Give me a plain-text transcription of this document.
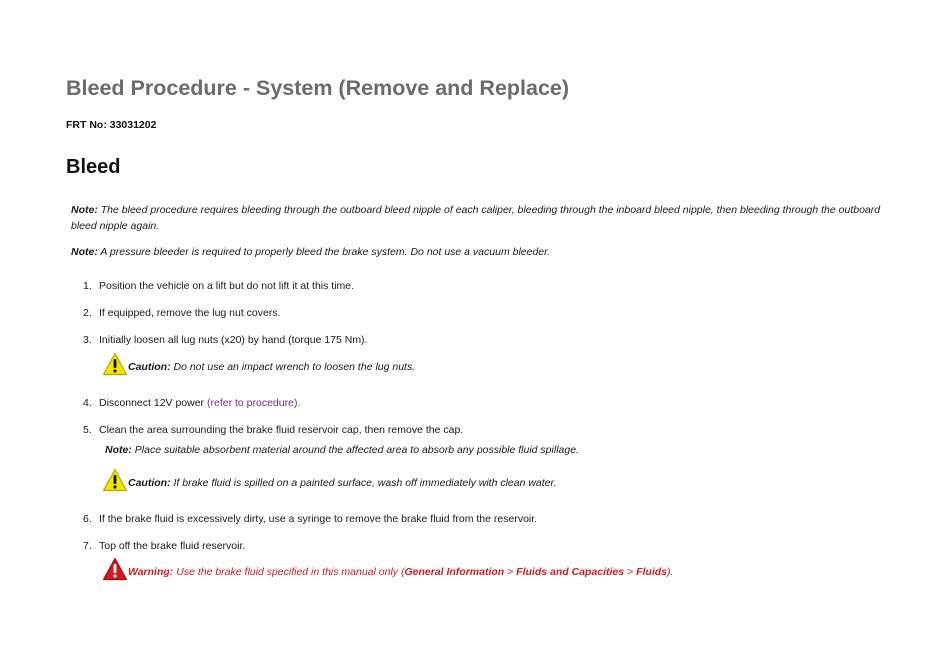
Bleed Procedure - System (Remove and Replace)
FRT No: 33031202
Bleed
Note: The bleed procedure requires bleeding through the outboard bleed nipple of each caliper, bleeding through the inboard bleed nipple, then bleeding through the outboard bleed nipple again.
Note: A pressure bleeder is required to properly bleed the brake system. Do not use a vacuum bleeder.
1. Position the vehicle on a lift but do not lift it at this time.
2. If equipped, remove the lug nut covers.
3. Initially loosen all lug nuts (x20) by hand (torque 175 Nm).
Caution: Do not use an impact wrench to loosen the lug nuts.
4. Disconnect 12V power (refer to procedure).
5. Clean the area surrounding the brake fluid reservoir cap, then remove the cap.
Note: Place suitable absorbent material around the affected area to absorb any possible fluid spillage.
Caution: If brake fluid is spilled on a painted surface, wash off immediately with clean water.
6. If the brake fluid is excessively dirty, use a syringe to remove the brake fluid from the reservoir.
7. Top off the brake fluid reservoir.
Warning: Use the brake fluid specified in this manual only (General Information > Fluids and Capacities > Fluids).
